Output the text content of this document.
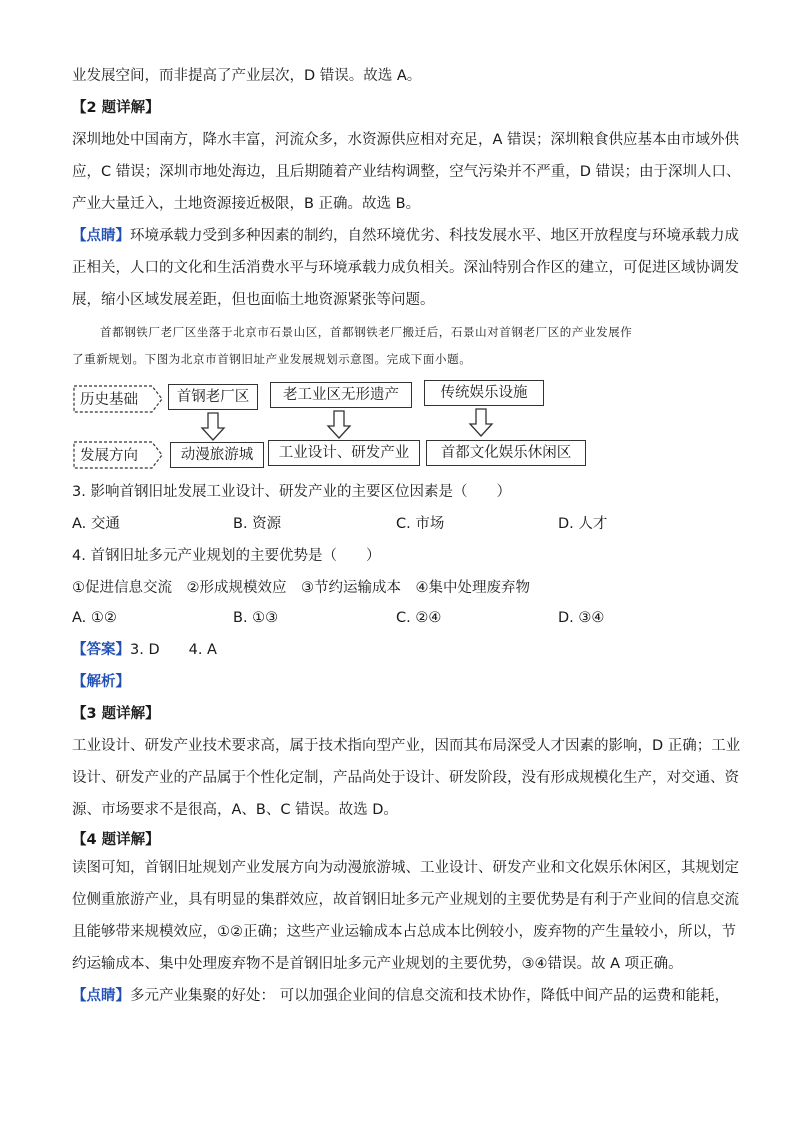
业发展空间，而非提高了产业层次，D 错误。故选 A。
【2 题详解】
深圳地处中国南方，降水丰富，河流众多，水资源供应相对充足，A 错误；深圳粮食供应基本由市域外供
应，C 错误；深圳市地处海边，且后期随着产业结构调整，空气污染并不严重，D 错误；由于深圳人口、
产业大量迁入，土地资源接近极限，B 正确。故选 B。
【点睛】环境承载力受到多种因素的制约，自然环境优劣、科技发展水平、地区开放程度与环境承载力成
正相关，人口的文化和生活消费水平与环境承载力成负相关。深汕特别合作区的建立，可促进区域协调发
展，缩小区域发展差距，但也面临土地资源紧张等问题。
首都钢铁厂老厂区坐落于北京市石景山区，首都钢铁老厂搬迁后，石景山对首钢老厂区的产业发展作
了重新规划。下图为北京市首钢旧址产业发展规划示意图。完成下面小题。
历史基础
发展方向
首钢老厂区	老工业区无形遗产	传统娱乐设施
动漫旅游城	工业设计、研发产业	首都文化娱乐休闲区
3. 影响首钢旧址发展工业设计、研发产业的主要区位因素是（　　）
A. 交通	B. 资源	C. 市场	D. 人才
4. 首钢旧址多元产业规划的主要优势是（　　）
①促进信息交流　②形成规模效应　③节约运输成本　④集中处理废弃物
A. ①②	B. ①③	C. ②④	D. ③④
【答案】3. D　　4. A
【解析】
【3 题详解】
工业设计、研发产业技术要求高，属于技术指向型产业，因而其布局深受人才因素的影响，D 正确；工业
设计、研发产业的产品属于个性化定制，产品尚处于设计、研发阶段，没有形成规模化生产，对交通、资
源、市场要求不是很高，A、B、C 错误。故选 D。
【4 题详解】
读图可知，首钢旧址规划产业发展方向为动漫旅游城、工业设计、研发产业和文化娱乐休闲区，其规划定
位侧重旅游产业，具有明显的集群效应，故首钢旧址多元产业规划的主要优势是有利于产业间的信息交流
且能够带来规模效应，①②正确；这些产业运输成本占总成本比例较小，废弃物的产生量较小，所以，节
约运输成本、集中处理废弃物不是首钢旧址多元产业规划的主要优势，③④错误。故 A 项正确。
【点睛】多元产业集聚的好处： 可以加强企业间的信息交流和技术协作，降低中间产品的运费和能耗，
